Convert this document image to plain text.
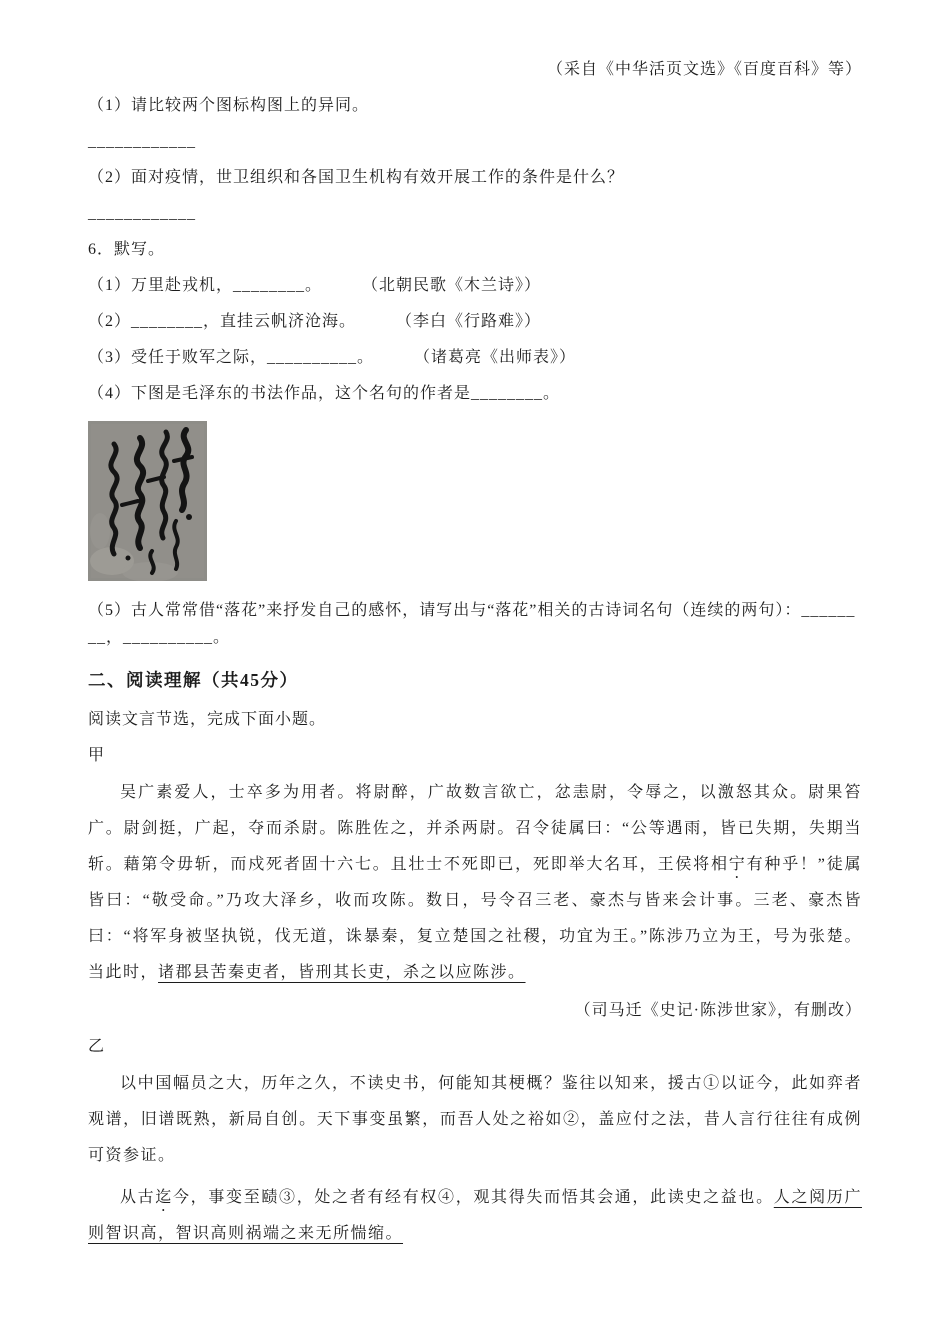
（采自《中华活页文选》《百度百科》等）

（1）请比较两个图标构图上的异同。

____________

（2）面对疫情，世卫组织和各国卫生机构有效开展工作的条件是什么？

____________

6．默写。

（1）万里赴戎机，________。	（北朝民歌《木兰诗》）

（2）________，直挂云帆济沧海。	（李白《行路难》）

（3）受任于败军之际，__________。	（诸葛亮《出师表》）

（4）下图是毛泽东的书法作品，这个名句的作者是________。

（5）古人常常借“落花”来抒发自己的感怀，请写出与“落花”相关的古诗词名句（连续的两句）：________，__________。

二、阅读理解（共45分）

阅读文言节选，完成下面小题。

甲

吴广素爱人，士卒多为用者。将尉醉，广故数言欲亡，忿恚尉，令辱之，以激怒其众。尉果笞广。尉剑挺，广起，夺而杀尉。陈胜佐之，并杀两尉。召令徒属曰：“公等遇雨，皆已失期，失期当斩。藉第令毋斩，而戍死者固十六七。且壮士不死即已，死即举大名耳，王侯将相宁有种乎！”徒属皆曰：“敬受命。”乃攻大泽乡，收而攻陈。数日，号令召三老、豪杰与皆来会计事。三老、豪杰皆曰：“将军身被坚执锐，伐无道，诛暴秦，复立楚国之社稷，功宜为王。”陈涉乃立为王，号为张楚。当此时，诸郡县苦秦吏者，皆刑其长吏，杀之以应陈涉。

（司马迁《史记·陈涉世家》，有删改）

乙

以中国幅员之大，历年之久，不读史书，何能知其梗概？鉴往以知来，援古①以证今，此如弈者观谱，旧谱既熟，新局自创。天下事变虽繁，而吾人处之裕如②，盖应付之法，昔人言行往往有成例可资参证。

从古迄今，事变至赜③，处之者有经有权④，观其得失而悟其会通，此读史之益也。人之阅历广则智识高，智识高则祸端之来无所惴缩。
